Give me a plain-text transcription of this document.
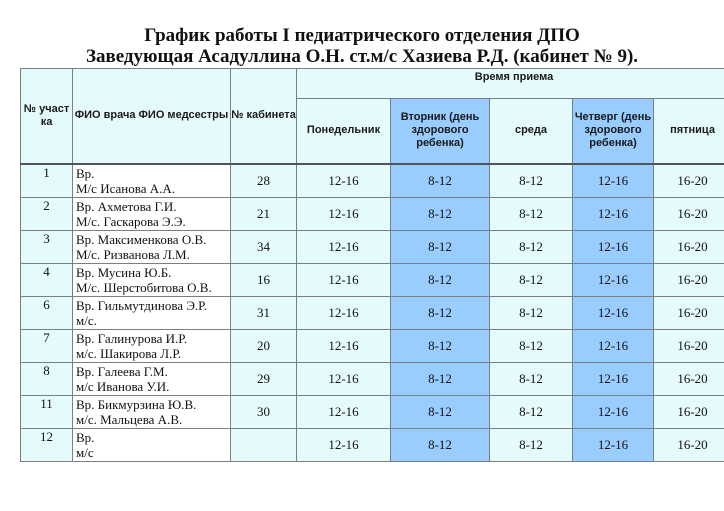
График работы I педиатрического отделения ДПО
Заведующая Асадуллина О.Н. ст.м/с Хазиева Р.Д. (кабинет № 9).
№ участ ка	ФИО врача ФИО медсестры	№ кабинета	Время приема				
			Понедельник	Вторник (день здорового ребенка)	среда	Четверг (день здорового ребенка)	пятница
1	Вр.
М/с Исанова А.А.	28	12-16	8-12	8-12	12-16	16-20
2	Вр. Ахметова Г.И.
М/с. Гаскарова Э.Э.	21	12-16	8-12	8-12	12-16	16-20
3	Вр. Максименкова О.В.
М/с. Ризванова Л.М.	34	12-16	8-12	8-12	12-16	16-20
4	Вр. Мусина Ю.Б.
М/с. Шерстобитова О.В.	16	12-16	8-12	8-12	12-16	16-20
6	Вр. Гильмутдинова Э.Р.
м/с.	31	12-16	8-12	8-12	12-16	16-20
7	Вр. Галинурова И.Р.
м/с. Шакирова Л.Р.	20	12-16	8-12	8-12	12-16	16-20
8	Вр. Галеева Г.М.
м/с Иванова У.И.	29	12-16	8-12	8-12	12-16	16-20
11	Вр. Бикмурзина Ю.В.
м/с. Мальцева А.В.	30	12-16	8-12	8-12	12-16	16-20
12	Вр.
м/с		12-16	8-12	8-12	12-16	16-20
